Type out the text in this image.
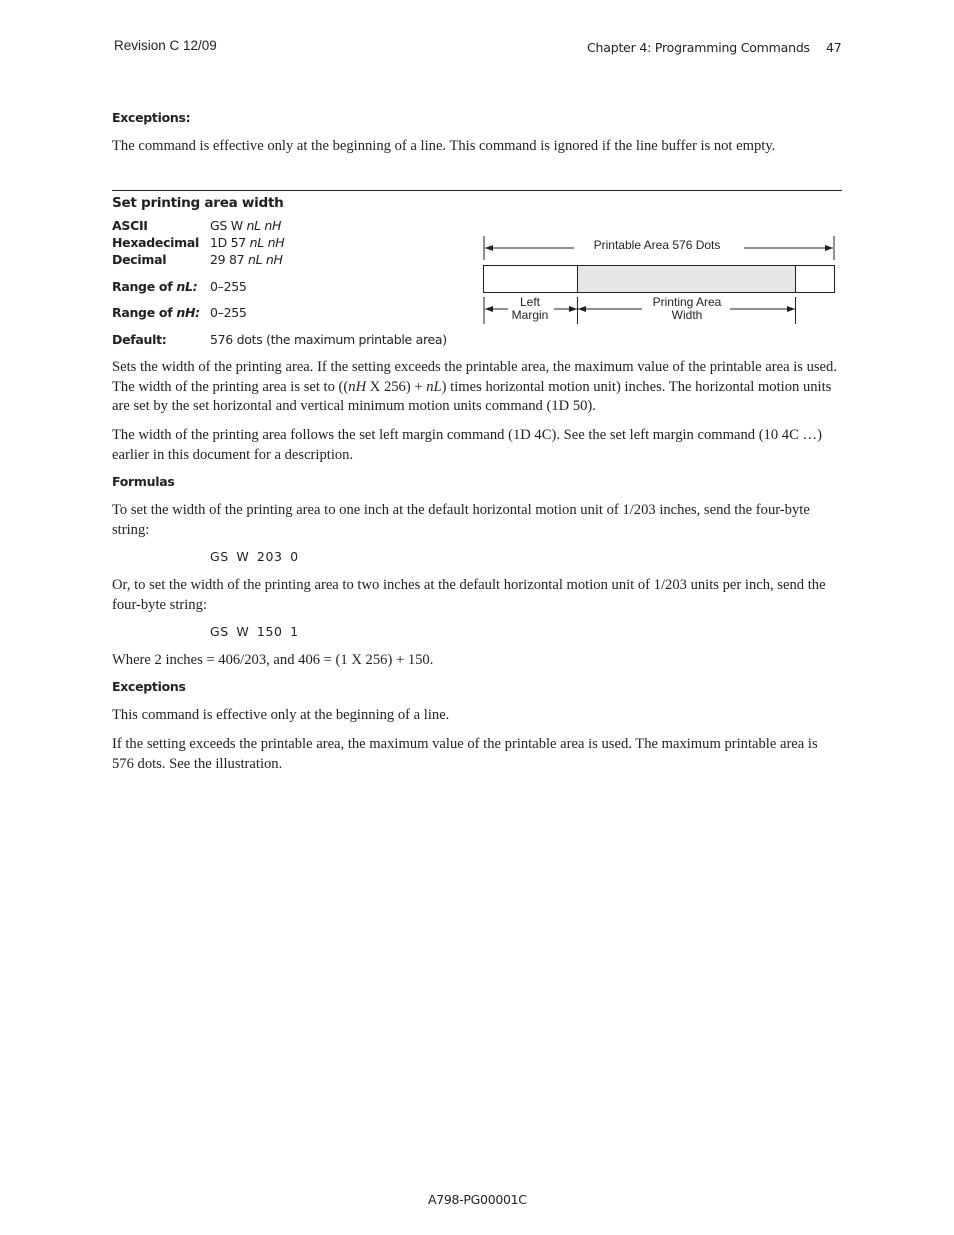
Revision C 12/09	Chapter 4: Programming Commands 47
Exceptions:
The command is effective only at the beginning of a line. This command is ignored if the line buffer is not empty.
Set printing area width
ASCII	GS W nL nH
Hexadecimal 1D 57 nL nH
Decimal	29 87 nL nH
Range of nL: 0–255
Range of nH: 0–255
Default:	576 dots (the maximum printable area)
Printable Area 576 Dots
Left
Margin
Printing Area
Width
Sets the width of the printing area. If the setting exceeds the printable area, the maximum value of the printable area is used. The width of the printing area is set to ((nH X 256) + nL) times horizontal motion unit) inches. The horizontal motion units are set by the set horizontal and vertical minimum motion units command (1D 50).
The width of the printing area follows the set left margin command (1D 4C). See the set left margin command (10 4C …) earlier in this document for a description.
Formulas
To set the width of the printing area to one inch at the default horizontal motion unit of 1/203 inches, send the four-byte string:
GS W 203 0
Or, to set the width of the printing area to two inches at the default horizontal motion unit of 1/203 units per inch, send the four-byte string:
GS W 150 1
Where 2 inches = 406/203, and 406 = (1 X 256) + 150.
Exceptions
This command is effective only at the beginning of a line.
If the setting exceeds the printable area, the maximum value of the printable area is used. The maximum printable area is 576 dots. See the illustration.
A798-PG00001C
